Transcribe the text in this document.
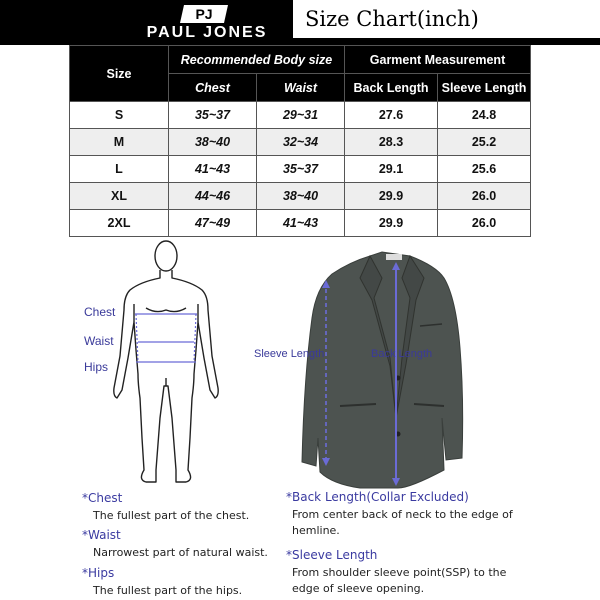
PJ
PAUL JONES
Size Chart(inch)
Size	Recommended Body size		Garment Measurement	
	Chest	Waist	Back Length	Sleeve Length
S	35~37	29~31	27.6	24.8
M	38~40	32~34	28.3	25.2
L	41~43	35~37	29.1	25.6
XL	44~46	38~40	29.9	26.0
2XL	47~49	41~43	29.9	26.0
Chest
Waist
Hips
Sleeve Length	Back Length
*Chest
The fullest part of the chest.
*Waist
Narrowest part of natural waist.
*Hips
The fullest part of the hips.
*Back Length(Collar Excluded)
From center back of neck to the edge of hemline.
*Sleeve Length
From shoulder sleeve point(SSP) to the edge of sleeve opening.
